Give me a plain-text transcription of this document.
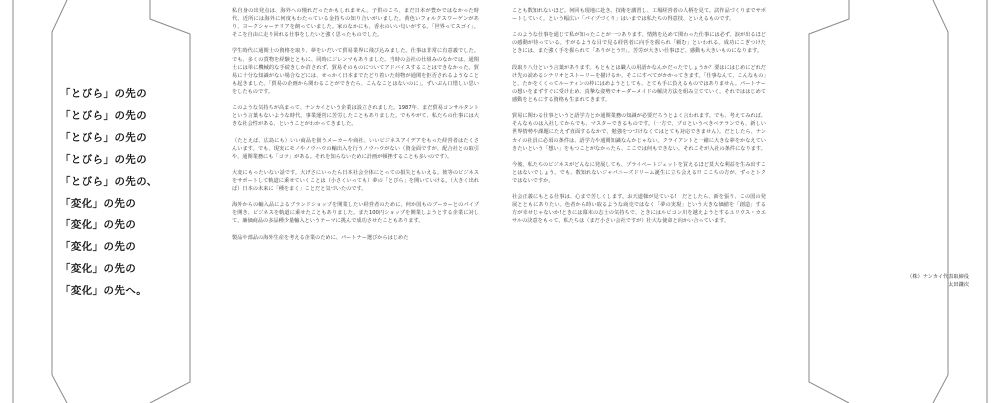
「とびら」の先の
「とびら」の先の
「とびら」の先の
「とびら」の先の
「とびら」の先の、
「変化」の先の
「変化」の先の
「変化」の先の
「変化」の先の
「変化」の先へ。

私自身の出発点は、海外への憧れだったかもしれません。子供のころ、まだ日本が豊かではなかった時代、近所には海外に何度もわたっている金持ちの知り合いがいました。黄色いフォルクスワーゲンがあり、ヨークシャーテリアを飼っていました。家のなかにも、香水のいい匂いがする。「世界ってスゴイ」。そこを自由に走り回れる仕事をしたいと強く思ったものでした。

学生時代に通関士の資格を取り、夢をいだいて貿易業界に飛び込みました。仕事は非常に有意義でした。でも、多くの貨物を経験とともに、同時にジレンマもありました。当時の会社の仕組みのなかでは、通関士には単に機械的な手続きしか許されず、貿易そのものについてアドバイスすることはできなかった。貿易に十分な知識がない場合などには、せっかく日本までたどり着いた荷物が通関を拒否されるようなことも起きました。「貿易の企画から関わることができたら、こんなことはないのに」。ずいぶん口惜しい思いをしたものです。

このような気持ちが高まって、ナンカイという企業は設立されました。1987年、まだ貿易コンサルタントという言葉もないような時代。事業運営に苦労したこともありました。でもやがて、私たちの仕事には大きな社会性がある、ということがわかってきました。

（たとえば、広島にも）いい商品を扱うメーカーや商社、いいビジネスアイデアをもった経営者はたくさんいます。でも、現実にモノやノウハウの輸出入を行うノウハウがない（資金面ですが、配合社との取引や、通関業務にも「コツ」がある。それを知らないために計画が頓挫することも多いのです）。

大変にもったいない話です。大げさにいったら日本社会全体にとっての損失ともいえる。彼等のビジネスをサポートして軌道に乗せていくことは（小さくいっても）夢の「とびら」を開いていける。（大きく出れば）日本の未来に「種をまく」ことだと気づいたのです。

海外からの輸入品によるブランドショップを開業したい経営者のために、何か国ものブーカーとのパイプを開き、ビジネスを軌道に乗せたこともありました。また100円ショップを開業しようとする企業に対して、廉価商品の多品種少量輸入というテーマに挑んで成功させたこともあります。

製品や部品の海外生産を考える企業のために、パートナー選びからはじめた

ことも数知れないほど。何回も現地に赴き、技術を講習し、工場経営者の人柄を見て。試作品づくりまでサポートしていく。という幅広い「パイプづくり」はいまでは私たちの得意技、といえるものです。

このような仕事を通じて私が知ったことが一つあります。情熱を込めて関わった仕事には必ず、涙が出るほどの感動が待っている。すがるような目で見る経営者に向手を握られ「頼む」といわれる。成功にこぎつけたときには、また強く手を握られて「ありがとう!!」。苦労が大きい仕事ほど、感動も大きいものになります。

段取り八分という言葉があります。もともとは職人の用語かなんかだったでしょうか？要はにはじめにどれだけ先の読めるシナリオとストーリーを描けるか。そこにすべてがかかってきます。「仕事なんて、こんなもの」と、たかをくくってルーティンの枠にはめようとしても、とても手に負えるものではありません。パートナーの想いをまずすぐに受け止め、真摯な姿勢でオーダーメイドの解決方法を組み立てていく。それでははじめて感動をともにする資格も生まれてきます。

貿易に関わる仕事というと語学力とか通関業務の知識が必要だろうとよく言われます。でも、考えてみれば、そんなものは入社してからでも、マスターできるものです。（一方で、プロというべきベテランでも、新しい世界情勢や課題にたえず直面するなかで、勉強をつづけなくてはとても対応できません）。だとしたら、ナンカイの社員に必須の条件は、語学力や通関知識なんかじゃない。クライアントと一緒に大きな夢をかなえていきたいという「想い」をもつことがなかったら、ここでは何もできない。それこそが入社の条件になります。

今後、私たちのビジネスがどんなに発展しても、プライベートジェットを買えるほど莫大な利益を生み出すことはないでしょう。でも、数知れないジャパニーズドリーム誕生に立ち会える!! ここちの方が、ずっとトクではないですか。

社会正義にもとる仕事は、心まで苦しくします。お天道様が見ている!　だとしたら、新を張り、この国の発展とともにありたい。色者から時い取るような商売ではなく「夢の実現」という大きな価値を「創造」する方が幸せじゃないか!ときには幕末の志士の気持ちで、ときにはルビコン川を越えようとするユリウス・カエサルの決意をもって。私たちは（まだ小さい会社ですが）壮大な使命と向かい合っています。

（株）ナンカイ代表取締役
太田鎌次
